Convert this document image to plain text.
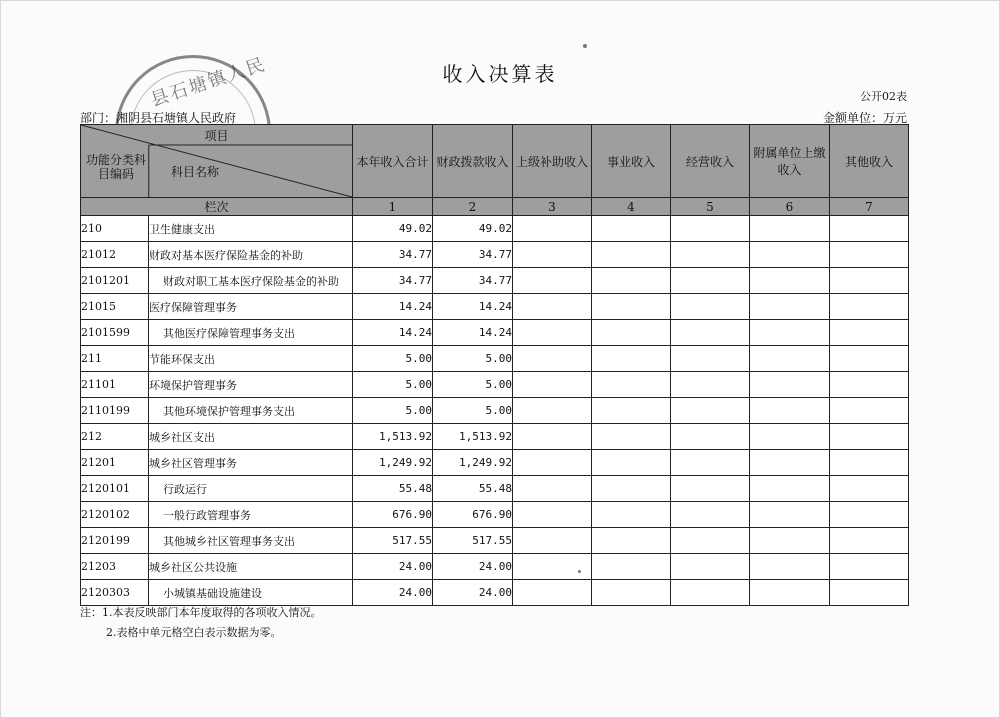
县石塘镇人民	收入决算表
公开02表
部门：湘阴县石塘镇人民政府	金额单位：万元
项目
功能分类科目编码 科目名称		本年收入合计	财政拨款收入	上级补助收入	事业收入	经营收入	附属单位上缴收入	其他收入
栏次		1	2	3	4	5	6	7
210	卫生健康支出	49.02	49.02					
21012	财政对基本医疗保险基金的补助	34.77	34.77					
2101201	财政对职工基本医疗保险基金的补助	34.77	34.77					
21015	医疗保障管理事务	14.24	14.24					
2101599	其他医疗保障管理事务支出	14.24	14.24					
211	节能环保支出	5.00	5.00					
21101	环境保护管理事务	5.00	5.00					
2110199	其他环境保护管理事务支出	5.00	5.00					
212	城乡社区支出	1,513.92	1,513.92					
21201	城乡社区管理事务	1,249.92	1,249.92					
2120101	行政运行	55.48	55.48					
2120102	一般行政管理事务	676.90	676.90					
2120199	其他城乡社区管理事务支出	517.55	517.55					
21203	城乡社区公共设施	24.00	24.00					
2120303	小城镇基础设施建设	24.00	24.00					
注：1.本表反映部门本年度取得的各项收入情况。
2.表格中单元格空白表示数据为零。
